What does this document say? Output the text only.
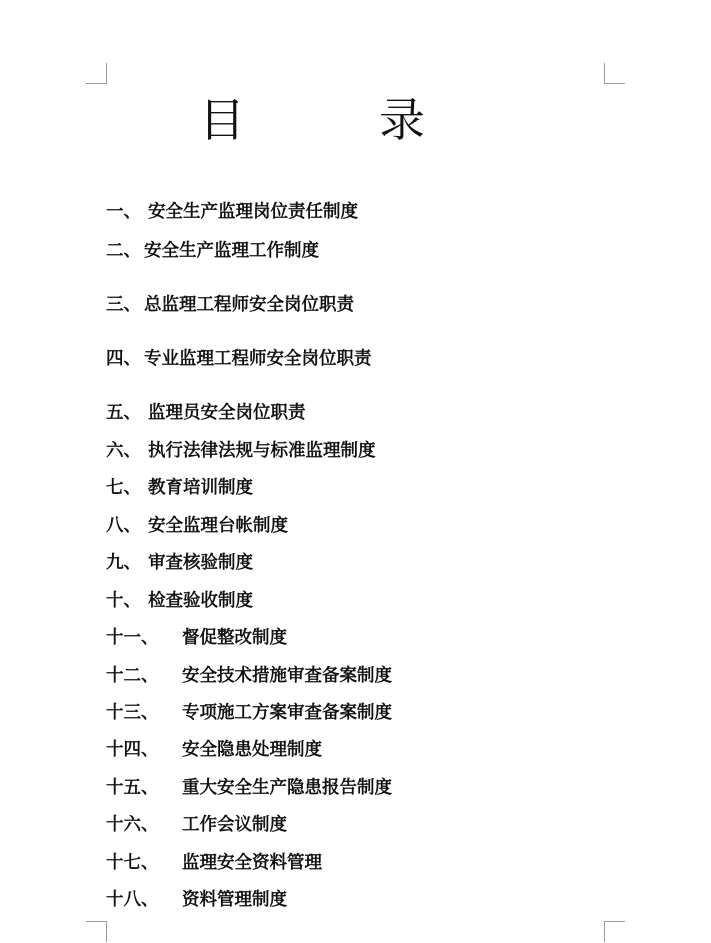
目　录
一、 安全生产监理岗位责任制度
二、 安全生产监理工作制度
三、 总监理工程师安全岗位职责
四、 专业监理工程师安全岗位职责
五、 监理员安全岗位职责
六、 执行法律法规与标准监理制度
七、 教育培训制度
八、 安全监理台帐制度
九、 审查核验制度
十、 检查验收制度
十一、 督促整改制度
十二、 安全技术措施审查备案制度
十三、 专项施工方案审查备案制度
十四、 安全隐患处理制度
十五、 重大安全生产隐患报告制度
十六、 工作会议制度
十七、 监理安全资料管理
十八、 资料管理制度
